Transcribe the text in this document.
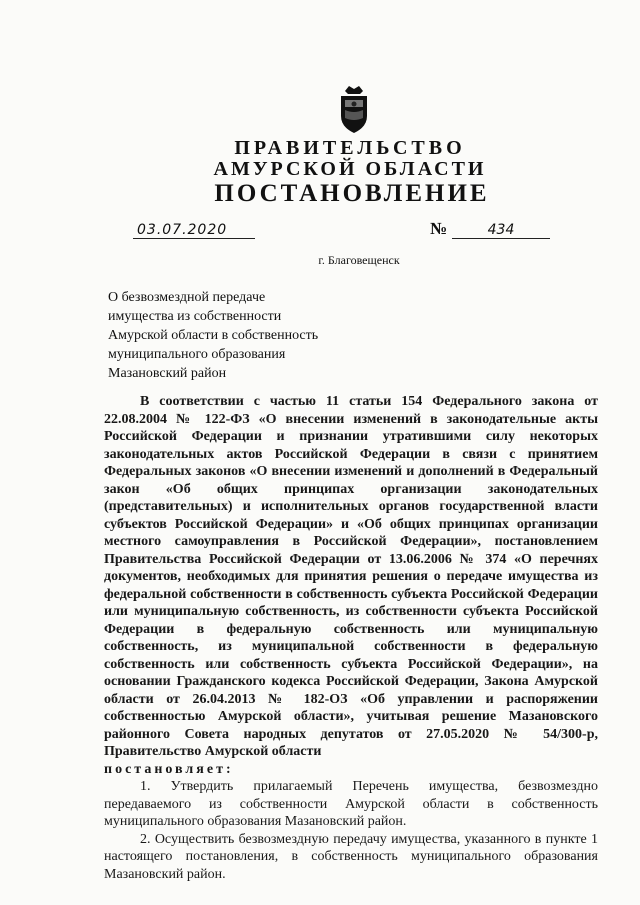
ПРАВИТЕЛЬСТВО
АМУРСКОЙ ОБЛАСТИ
ПОСТАНОВЛЕНИЕ
03.07.2020	№	434
г. Благовещенск
О безвозмездной передаче
имущества из собственности
Амурской области в собственность
муниципального образования
Мазановский район

В соответствии с частью 11 статьи 154 Федерального закона от 22.08.2004 № 122-ФЗ «О внесении изменений в законодательные акты Российской Федерации и признании утратившими силу некоторых законодательных актов Российской Федерации в связи с принятием Федеральных законов «О внесении изменений и дополнений в Федеральный закон «Об общих принципах организации законодательных (представительных) и исполнительных органов государственной власти субъектов Российской Федерации» и «Об общих принципах организации местного самоуправления в Российской Федерации», постановлением Правительства Российской Федерации от 13.06.2006 № 374 «О перечнях документов, необходимых для принятия решения о передаче имущества из федеральной собственности в собственность субъекта Российской Федерации или муниципальную собственность, из собственности субъекта Российской Федерации в федеральную собственность или муниципальную собственность, из муниципальной собственности в федеральную собственность или собственность субъекта Российской Федерации», на основании Гражданского кодекса Российской Федерации, Закона Амурской области от 26.04.2013 № 182-ОЗ «Об управлении и распоряжении собственностью Амурской области», учитывая решение Мазановского районного Совета народных депутатов от 27.05.2020 № 54/300-р, Правительство Амурской области

постановляет:

1. Утвердить прилагаемый Перечень имущества, безвозмездно передаваемого из собственности Амурской области в собственность муниципального образования Мазановский район.

2. Осуществить безвозмездную передачу имущества, указанного в пункте 1 настоящего постановления, в собственность муниципального образования Мазановский район.
